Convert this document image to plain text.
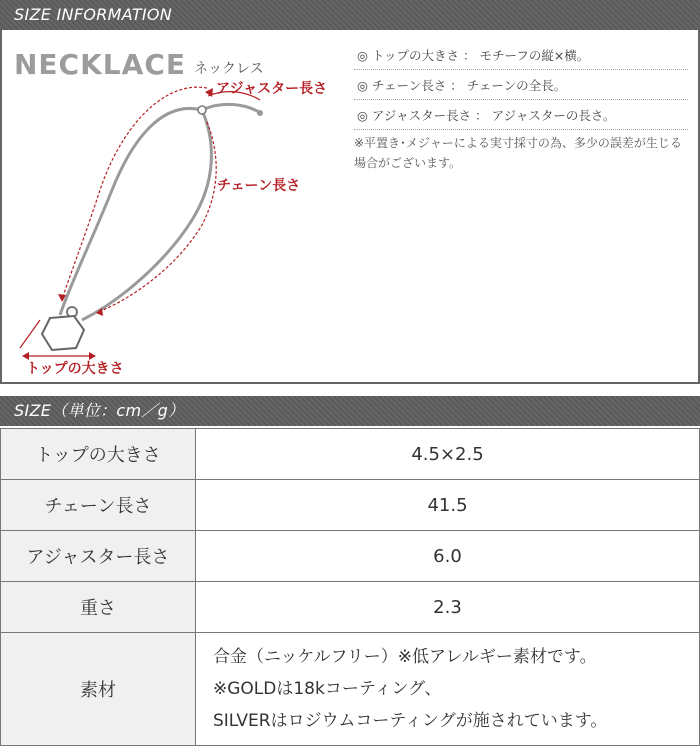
SIZE INFORMATION
NECKLACE ネックレス
アジャスター長さ
チェーン長さ
トップの大きさ
◎ トップの大きさ ： モチーフの縦×横。
◎ チェーン長さ ： チェーンの全長。
◎ アジャスター長さ ： アジャスターの長さ。
※平置き･メジャーによる実寸採寸の為、多少の誤差が生じる場合がございます。
SIZE（単位：cm／g）
トップの大きさ	4.5×2.5
チェーン長さ	41.5
アジャスター長さ	6.0
重さ	2.3
素材	合金（ニッケルフリー）※低アレルギー素材です。
※GOLDは18kコーティング、
SILVERはロジウムコーティングが施されています。
